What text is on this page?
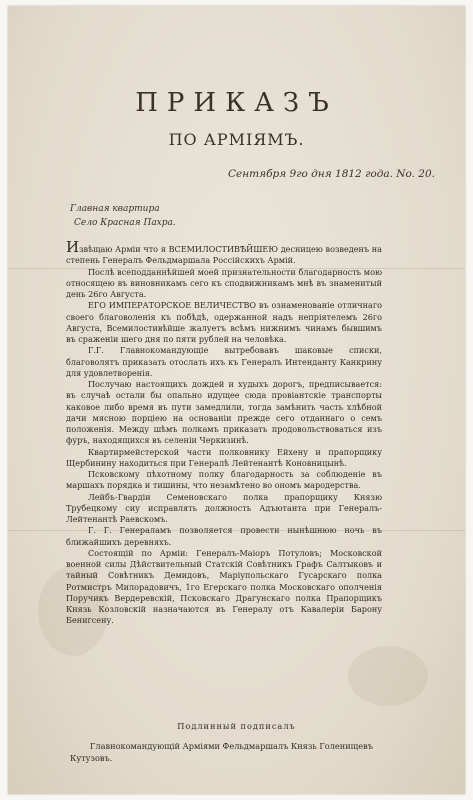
ПРИКАЗЪ
ПО АРМІЯМЪ.
Сентября 9го дня 1812 года. No. 20.
Главная квартира
Село Красная Пахра.

Извѣщаю Арміи что я ВСЕМИЛОСТИВѢЙШЕЮ десницею возведенъ на степень Генералъ Фельдмаршала Россійскихъ Армій.

Послѣ всеподданнѣйшей моей признательности благодарность мою относящею въ виновникамъ сего къ сподвижникамъ мнѣ въ знаменитый день 26го Августа.

ЕГО ИМПЕРАТОРСКОЕ ВЕЛИЧЕСТВО въ ознаменованіе отличнаго своего благоволенія къ побѣдѣ, одержанной надъ непріятелемъ 26го Августа, Всемилостивѣйше жалуетъ всѣмъ нижнимъ чинамъ бывшимъ въ сраженіи шего дня по пяти рублей на человѣка.

Г.Г. Главнокомандующіе вытребовавъ шаковые списки, благоволятъ приказать отослать ихъ къ Генералъ Интенданту Канкрину для удовлетворенія.

Послучаю настоящихъ дождей и худыхъ дорогъ, предписывается: въ случаѣ остали бы опально идущее сюда провіантскіе транспорты каковое либо время въ пути замедлили, тогда замѣнить часть хлѣбной дачи мясною порціею на основаніи прежде сего отданнаго о семъ положенія. Между шѣмъ полкамъ приказать продовольствоваться изъ фуръ, находящихся въ селеніи Черкизинѣ.

Квартирмейстерской части полковнику Ейхену и прапорщику Щербинину находиться при Генералѣ Лейтенантѣ Коновницынѣ.

Псковскому пѣхотному полку благодарность за соблюденіе въ маршахъ порядка и тишины, что незамѣтено во ономъ мародерства.

Лейбъ-Гвардіи Семеновскаго полка прапорщику Князю Трубецкому сиу исправлять должность Адъютанта при Генералъ-Лейтенантѣ Раевскомъ.

Г. Г. Генераламъ позволяется провести нынѣшнюю ночь въ ближайшихъ деревняхъ.

Состоящій по Арміи: Генералъ-Маіоръ Потуловъ; Московской военной силы Дѣйствительный Статскій Совѣтникъ Графъ Салтыковъ и тайный Совѣтникъ Демидовъ, Маріупольскаго Гусарскаго полка Ротмистръ Милорадовичъ, 1го Егерскаго полка Московскаго ополченія Поручикъ Вердеревскій, Псковскаго Драгунскаго полка Прапорщикъ Князь Козловскій назначаются въ Генералу отъ Кавалеріи Барону Бенигсену.

Подлинный подписалъ
Главнокомандующій Арміями Фельдмаршалъ Князь Голенищевъ Кутузовъ.
